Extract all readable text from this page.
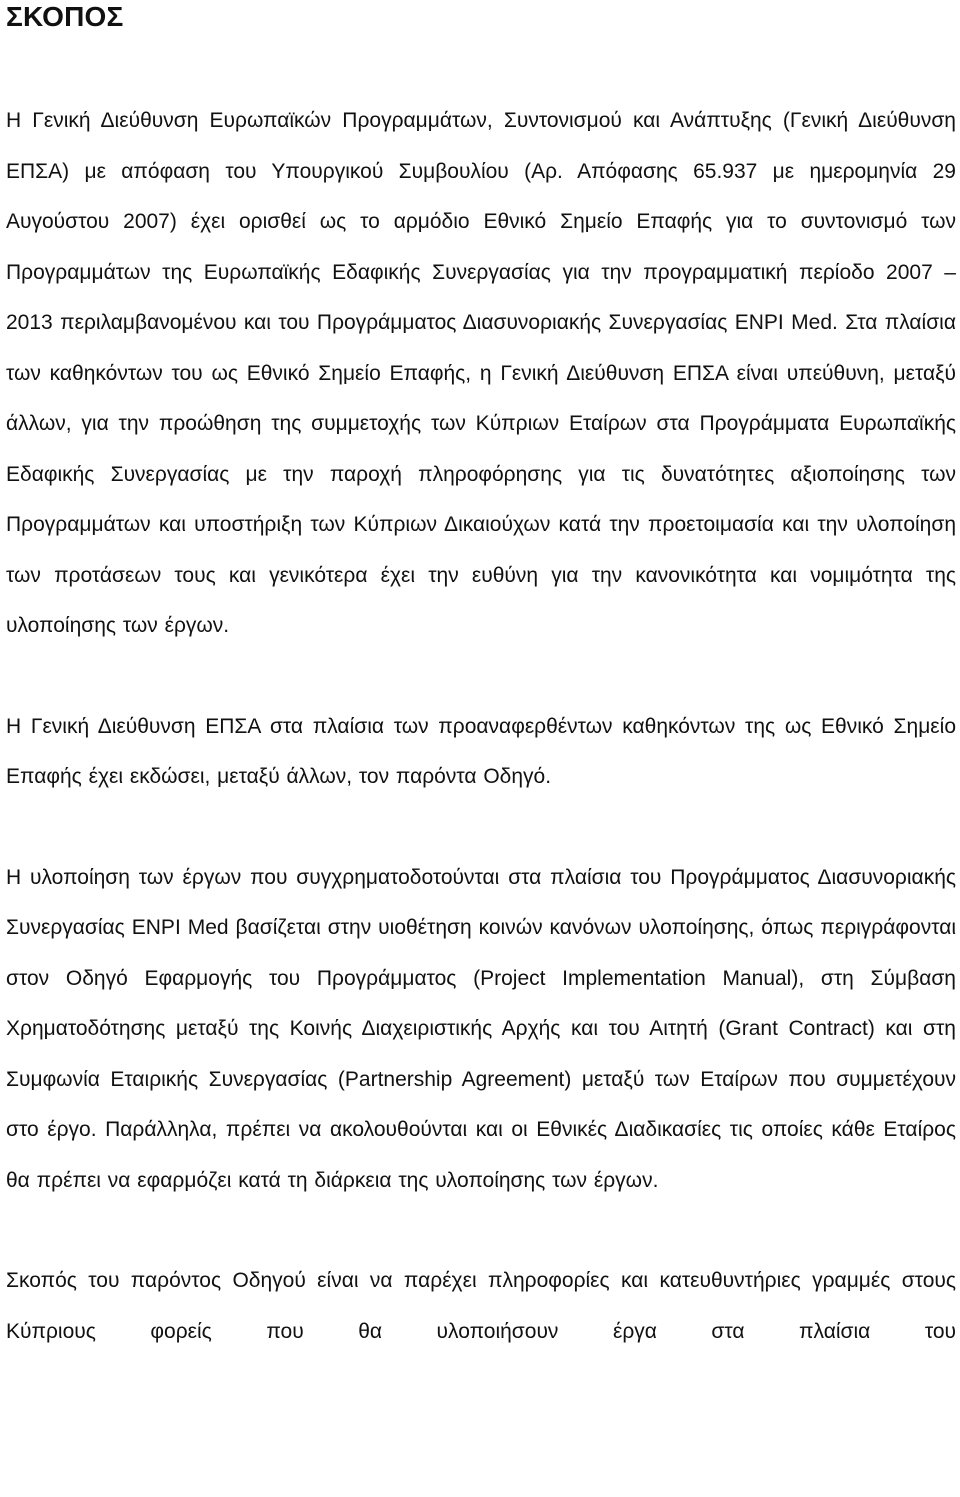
ΣΚΟΠΟΣ

Η Γενική Διεύθυνση Ευρωπαϊκών Προγραμμάτων, Συντονισμού και Ανάπτυξης (Γενική Διεύθυνση ΕΠΣΑ) με απόφαση του Υπουργικού Συμβουλίου (Αρ. Απόφασης 65.937 με ημερομηνία 29 Αυγούστου 2007) έχει ορισθεί ως το αρμόδιο Εθνικό Σημείο Επαφής για το συντονισμό των Προγραμμάτων της Ευρωπαϊκής Εδαφικής Συνεργασίας για την προγραμματική περίοδο 2007 – 2013 περιλαμβανομένου και του Προγράμματος Διασυνοριακής Συνεργασίας ENPI Med. Στα πλαίσια των καθηκόντων του ως Εθνικό Σημείο Επαφής, η Γενική Διεύθυνση ΕΠΣΑ είναι υπεύθυνη, μεταξύ άλλων, για την προώθηση της συμμετοχής των Κύπριων Εταίρων στα Προγράμματα Ευρωπαϊκής Εδαφικής Συνεργασίας με την παροχή πληροφόρησης για τις δυνατότητες αξιοποίησης των Προγραμμάτων και υποστήριξη των Κύπριων Δικαιούχων κατά την προετοιμασία και την υλοποίηση των προτάσεων τους και γενικότερα έχει την ευθύνη για την κανονικότητα και νομιμότητα της υλοποίησης των έργων.

Η Γενική Διεύθυνση ΕΠΣΑ στα πλαίσια των προαναφερθέντων καθηκόντων της ως Εθνικό Σημείο Επαφής έχει εκδώσει, μεταξύ άλλων, τον παρόντα Οδηγό.

Η υλοποίηση των έργων που συγχρηματοδοτούνται στα πλαίσια του Προγράμματος Διασυνοριακής Συνεργασίας ENPI Med βασίζεται στην υιοθέτηση κοινών κανόνων υλοποίησης, όπως περιγράφονται στον Οδηγό Εφαρμογής του Προγράμματος (Project Implementation Manual), στη Σύμβαση Χρηματοδότησης μεταξύ της Κοινής Διαχειριστικής Αρχής και του Αιτητή (Grant Contract) και στη Συμφωνία Εταιρικής Συνεργασίας (Partnership Agreement) μεταξύ των Εταίρων που συμμετέχουν στο έργο. Παράλληλα, πρέπει να ακολουθούνται και οι Εθνικές Διαδικασίες τις οποίες κάθε Εταίρος θα πρέπει να εφαρμόζει κατά τη διάρκεια της υλοποίησης των έργων.

Σκοπός του παρόντος Οδηγού είναι να παρέχει πληροφορίες και κατευθυντήριες γραμμές στους Κύπριους φορείς που θα υλοποιήσουν έργα στα πλαίσια του
